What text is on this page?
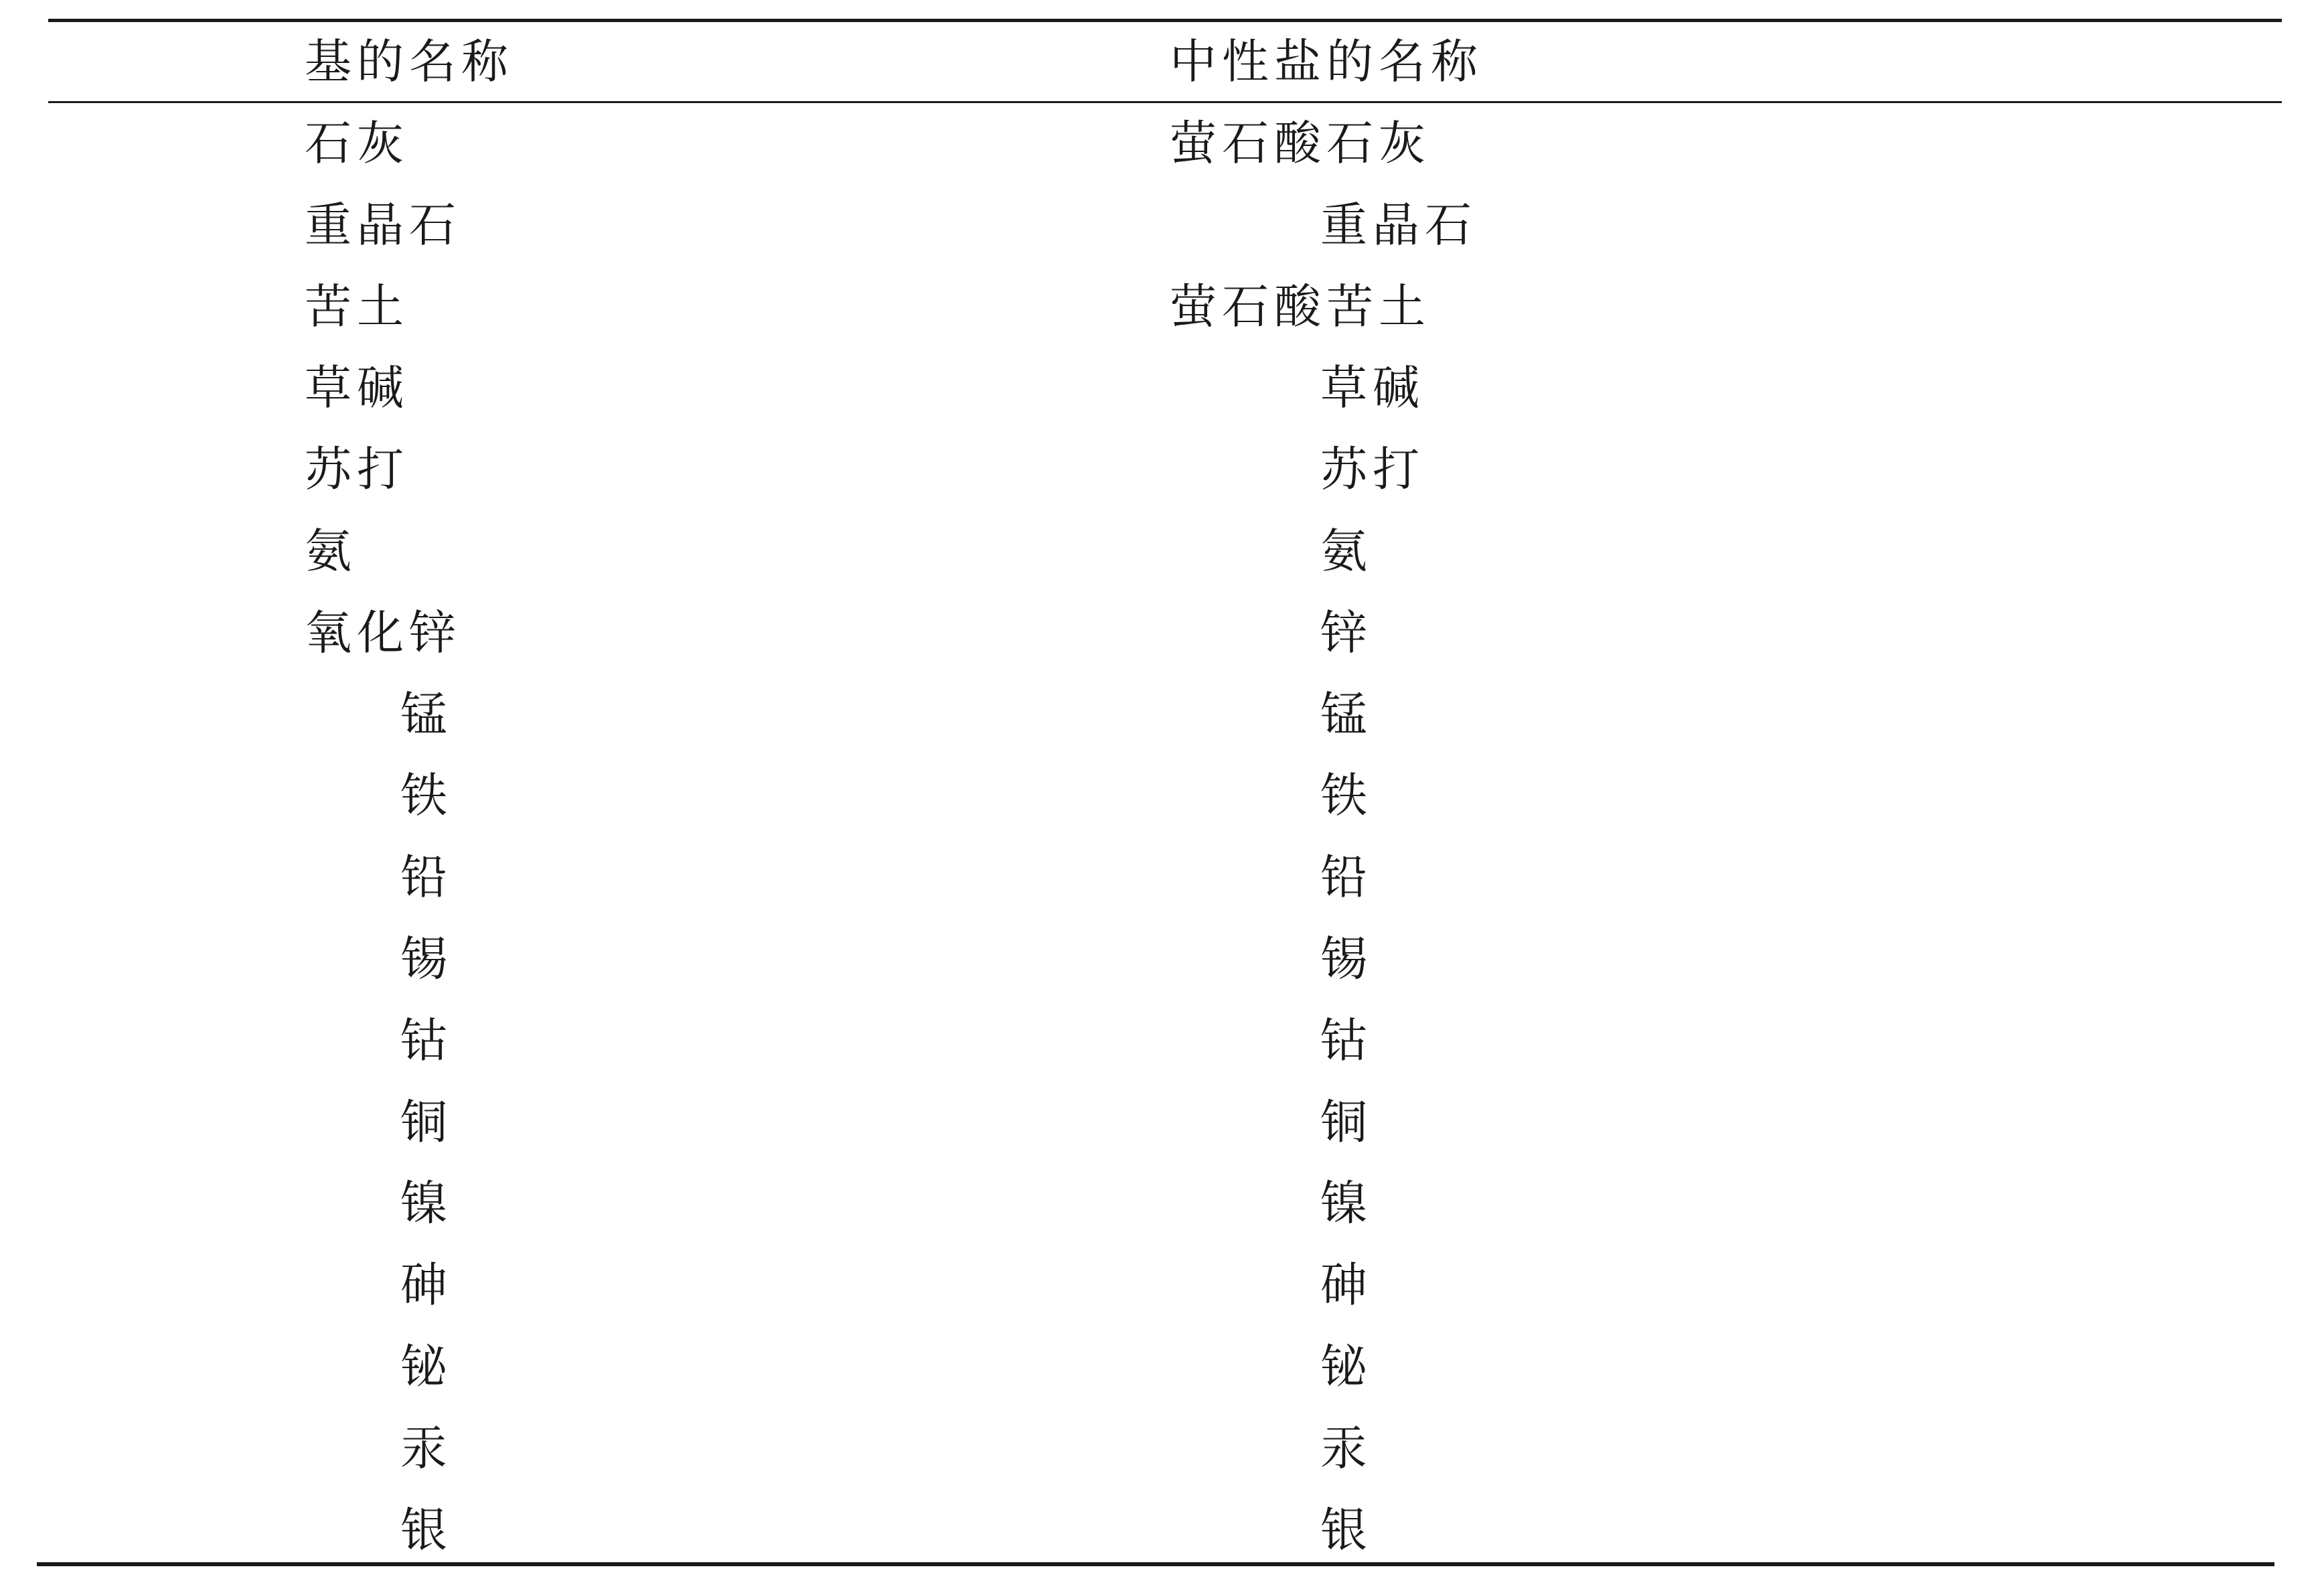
基的名称	中性盐的名称
石灰	萤石酸石灰
重晶石	重晶石
苦土	萤石酸苦土
草碱	草碱
苏打	苏打
氨	氨
氧化锌	锌
锰	锰
铁	铁
铅	铅
锡	锡
钴	钴
铜	铜
镍	镍
砷	砷
铋	铋
汞	汞
银	银
